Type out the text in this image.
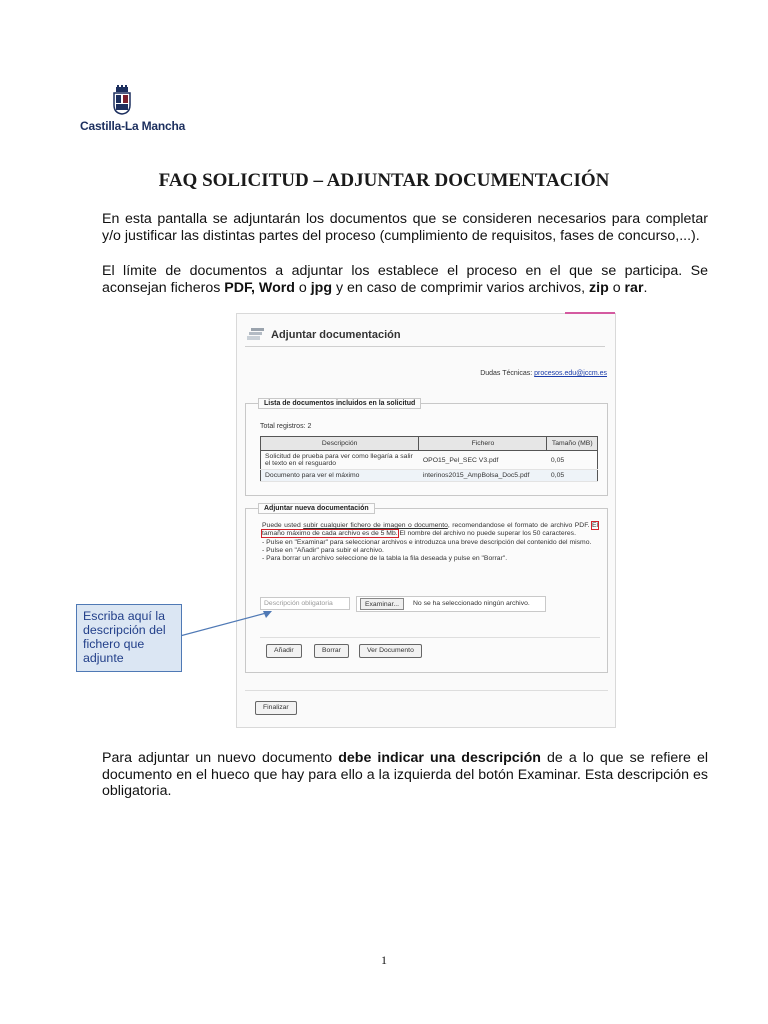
Castilla-La Mancha
FAQ SOLICITUD – ADJUNTAR DOCUMENTACIÓN
En esta pantalla se adjuntarán los documentos que se consideren necesarios para completar y/o justificar las distintas partes del proceso (cumplimiento de requisitos, fases de concurso,...).
El límite de documentos a adjuntar los establece el proceso en el que se participa. Se aconsejan ficheros PDF, Word o jpg y en caso de comprimir varios archivos, zip o rar.
Adjuntar documentación
Dudas Técnicas: procesos.edu@jccm.es
Lista de documentos incluidos en la solicitud
Total registros: 2
Descripción	Fichero	Tamaño (MB)
Solicitud de prueba para ver como llegaría a salir el texto en el resguardo	OPO15_Pel_SEC V3.pdf	0,05
Documento para ver el máximo	interinos2015_AmpBolsa_Doc5.pdf	0,05
Adjuntar nueva documentación
Puede usted subir cualquier fichero de imagen o documento, recomendandose el formato de archivo PDF. El tamaño máximo de cada archivo es de 5 Mb. El nombre del archivo no puede superar los 50 caracteres.
- Pulse en "Examinar" para seleccionar archivos e introduzca una breve descripción del contenido del mismo.
- Pulse en "Añadir" para subir el archivo.
- Para borrar un archivo seleccione de la tabla la fila deseada y pulse en "Borrar".
Descripción obligatoria	Examinar...	No se ha seleccionado ningún archivo.
Añadir	Borrar	Ver Documento
Finalizar
Escriba aquí la descripción del fichero que adjunte
Para adjuntar un nuevo documento debe indicar una descripción de a lo que se refiere el documento en el hueco que hay para ello a la izquierda del botón Examinar. Esta descripción es obligatoria.
1
